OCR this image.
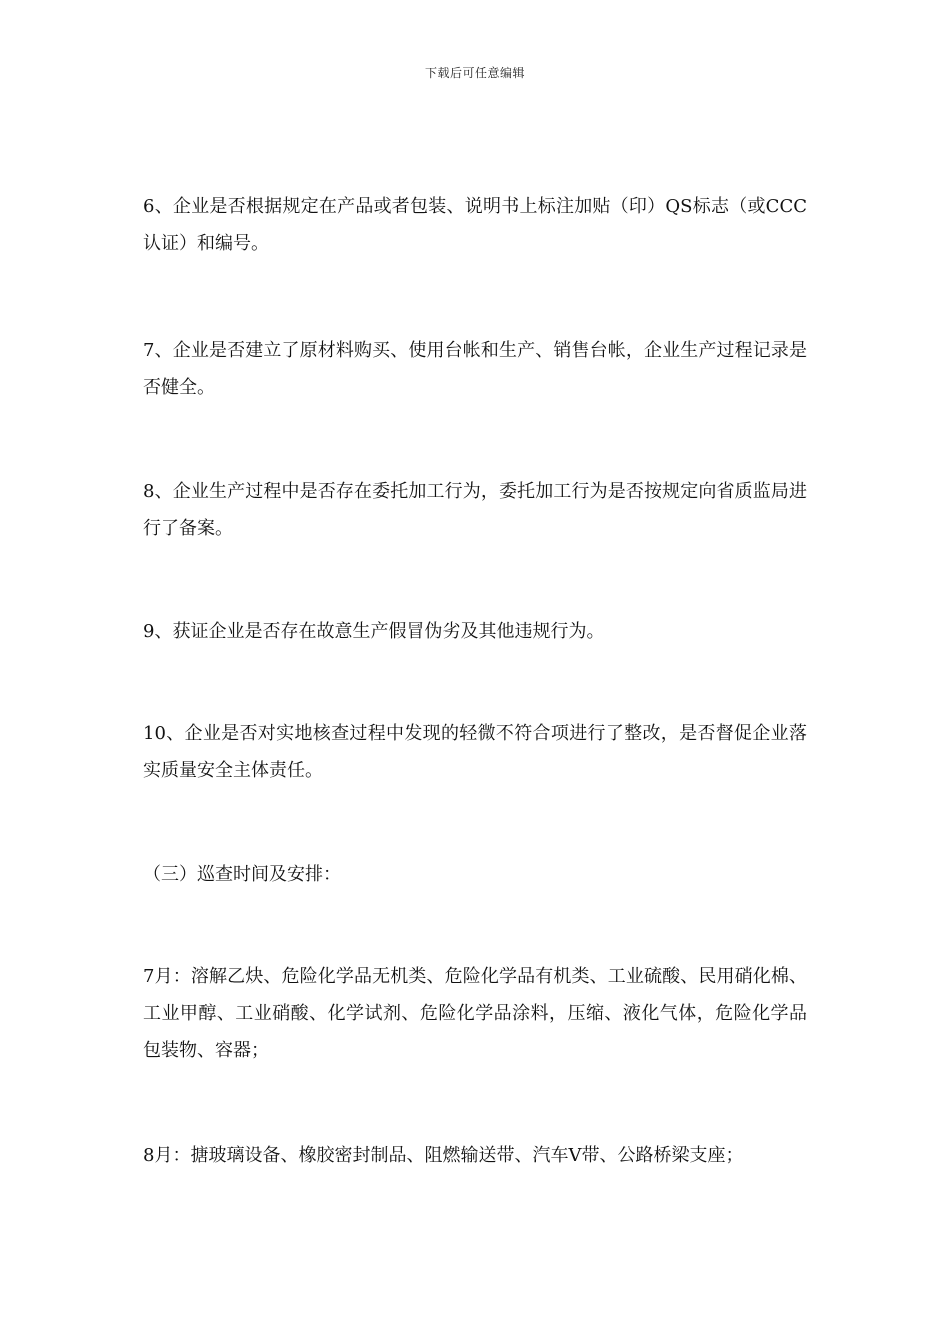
下载后可任意编辑

6、企业是否根据规定在产品或者包装、说明书上标注加贴（印）QS标志（或CCC认证）和编号。

7、企业是否建立了原材料购买、使用台帐和生产、销售台帐，企业生产过程记录是否健全。

8、企业生产过程中是否存在委托加工行为，委托加工行为是否按规定向省质监局进行了备案。

9、获证企业是否存在故意生产假冒伪劣及其他违规行为。

10、企业是否对实地核查过程中发现的轻微不符合项进行了整改，是否督促企业落实质量安全主体责任。

（三）巡查时间及安排：

7月：溶解乙炔、危险化学品无机类、危险化学品有机类、工业硫酸、民用硝化棉、工业甲醇、工业硝酸、化学试剂、危险化学品涂料，压缩、液化气体，危险化学品包装物、容器；

8月：搪玻璃设备、橡胶密封制品、阻燃输送带、汽车V带、公路桥梁支座；
